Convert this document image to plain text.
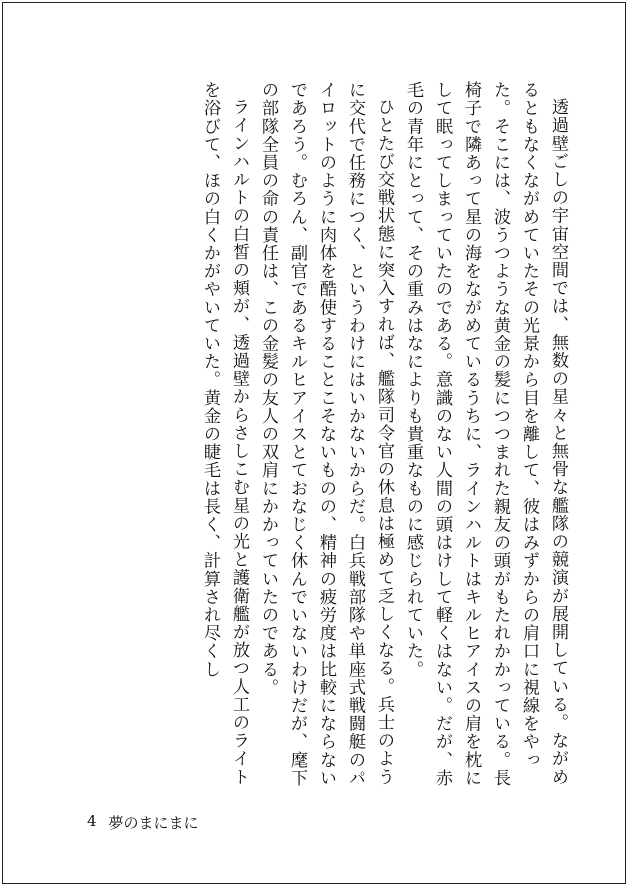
透過壁ごしの宇宙空間では、無数の星々と無骨な艦隊の競演が展開している。ながめるともなくながめていたその光景から目を離して、彼はみずからの肩口に視線をやった。そこには、波うつような黄金の髪につつまれた親友の頭がもたれかかっている。長椅子で隣あって星の海をながめているうちに、ラインハルトはキルヒアイスの肩を枕にして眠ってしまっていたのである。意識のない人間の頭はけして軽くはない。だが、赤毛の青年にとって、その重みはなによりも貴重なものに感じられていた。

ひとたび交戦状態に突入すれば、艦隊司令官の休息は極めて乏しくなる。兵士のように交代で任務につく、というわけにはいかないからだ。白兵戦部隊や単座式戦闘艇のパイロットのように肉体を酷使することこそないものの、精神の疲労度は比較にならないであろう。むろん、副官であるキルヒアイスとておなじく休んでいないわけだが、麾下の部隊全員の命の責任は、この金髪の友人の双肩にかかっていたのである。

ラインハルトの白皙の頬が、透過壁からさしこむ星の光と護衛艦が放つ人工のライトを浴びて、ほの白くかがやいていた。黄金の睫毛は長く、計算され尽くし

4 夢のまにまに
